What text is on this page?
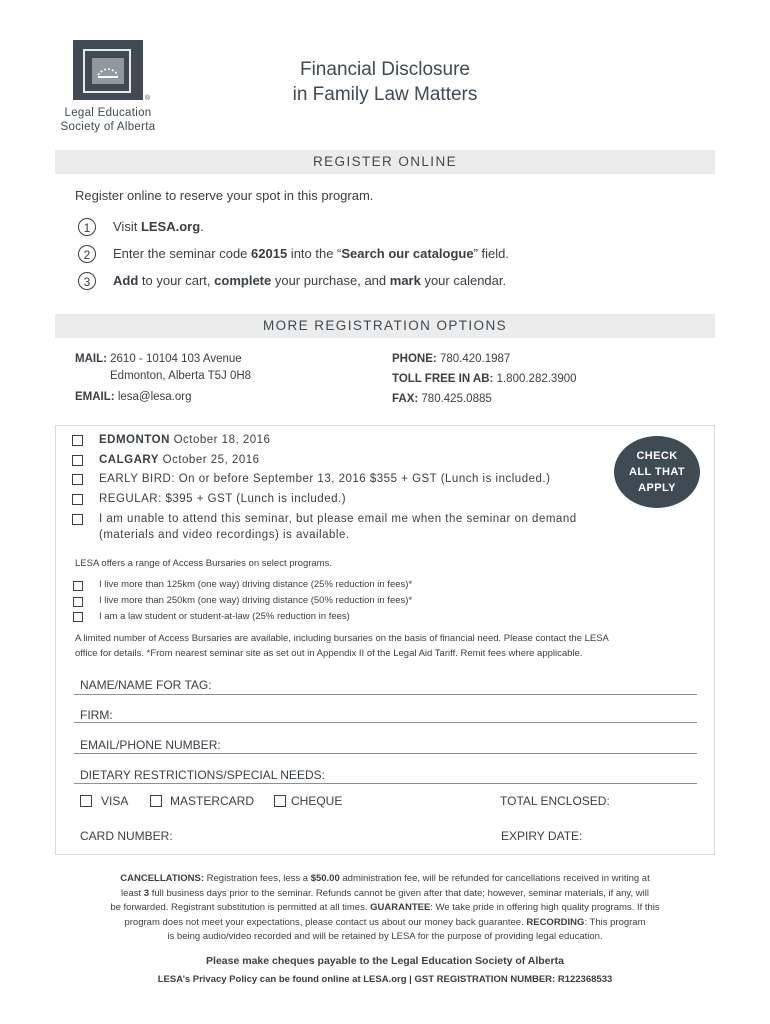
®
Legal Education
Society of Alberta
Financial Disclosure
in Family Law Matters
REGISTER ONLINE
Register online to reserve your spot in this program.
1	Visit LESA.org.
2	Enter the seminar code 62015 into the “Search our catalogue” field.
3	Add to your cart, complete your purchase, and mark your calendar.
MORE REGISTRATION OPTIONS
MAIL: 2610 - 10104 103 Avenue
Edmonton, Alberta T5J 0H8
EMAIL: lesa@lesa.org
PHONE: 780.420.1987
TOLL FREE IN AB: 1.800.282.3900
FAX: 780.425.0885
EDMONTON October 18, 2016
CALGARY October 25, 2016
EARLY BIRD: On or before September 13, 2016 $355 + GST (Lunch is included.)
REGULAR: $395 + GST (Lunch is included.)
I am unable to attend this seminar, but please email me when the seminar on demand
(materials and video recordings) is available.
CHECK
ALL THAT
APPLY
LESA offers a range of Access Bursaries on select programs.
I live more than 125km (one way) driving distance (25% reduction in fees)*
I live more than 250km (one way) driving distance (50% reduction in fees)*
I am a law student or student-at-law (25% reduction in fees)
A limited number of Access Bursaries are available, including bursaries on the basis of financial need. Please contact the LESA
office for details. *From nearest seminar site as set out in Appendix II of the Legal Aid Tariff. Remit fees where applicable.
NAME/NAME FOR TAG:
FIRM:
EMAIL/PHONE NUMBER:
DIETARY RESTRICTIONS/SPECIAL NEEDS:
VISA	MASTERCARD	CHEQUE	TOTAL ENCLOSED:
CARD NUMBER:	EXPIRY DATE:
CANCELLATIONS: Registration fees, less a $50.00 administration fee, will be refunded for cancellations received in writing at
least 3 full business days prior to the seminar. Refunds cannot be given after that date; however, seminar materials, if any, will
be forwarded. Registrant substitution is permitted at all times. GUARANTEE: We take pride in offering high quality programs. If this
program does not meet your expectations, please contact us about our money back guarantee. RECORDING: This program
is being audio/video recorded and will be retained by LESA for the purpose of providing legal education.
Please make cheques payable to the Legal Education Society of Alberta
LESA’s Privacy Policy can be found online at LESA.org | GST REGISTRATION NUMBER: R122368533
